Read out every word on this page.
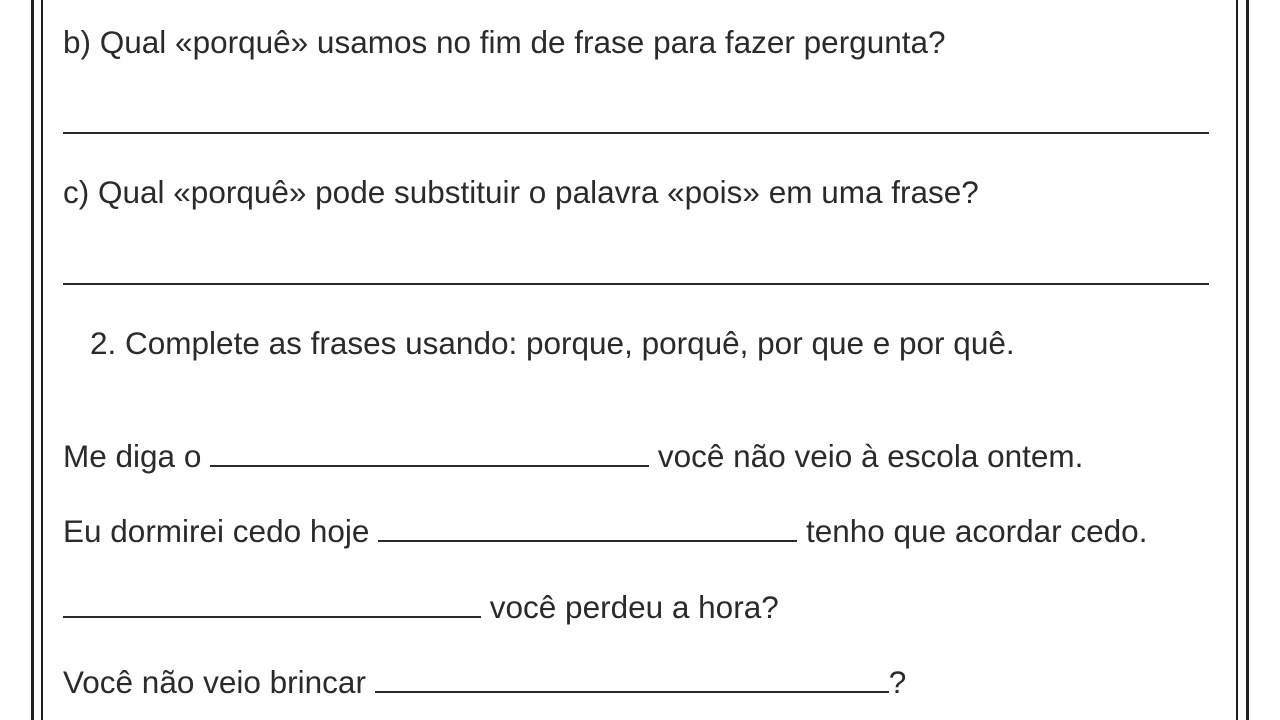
b) Qual «porquê» usamos no fim de frase para fazer pergunta?

c) Qual «porquê» pode substituir o palavra «pois» em uma frase?

2. Complete as frases usando: porque, porquê, por que e por quê.

Me diga o	você não veio à escola ontem.

Eu dormirei cedo hoje	tenho que acordar cedo.

você perdeu a hora?

Você não veio brincar	?
